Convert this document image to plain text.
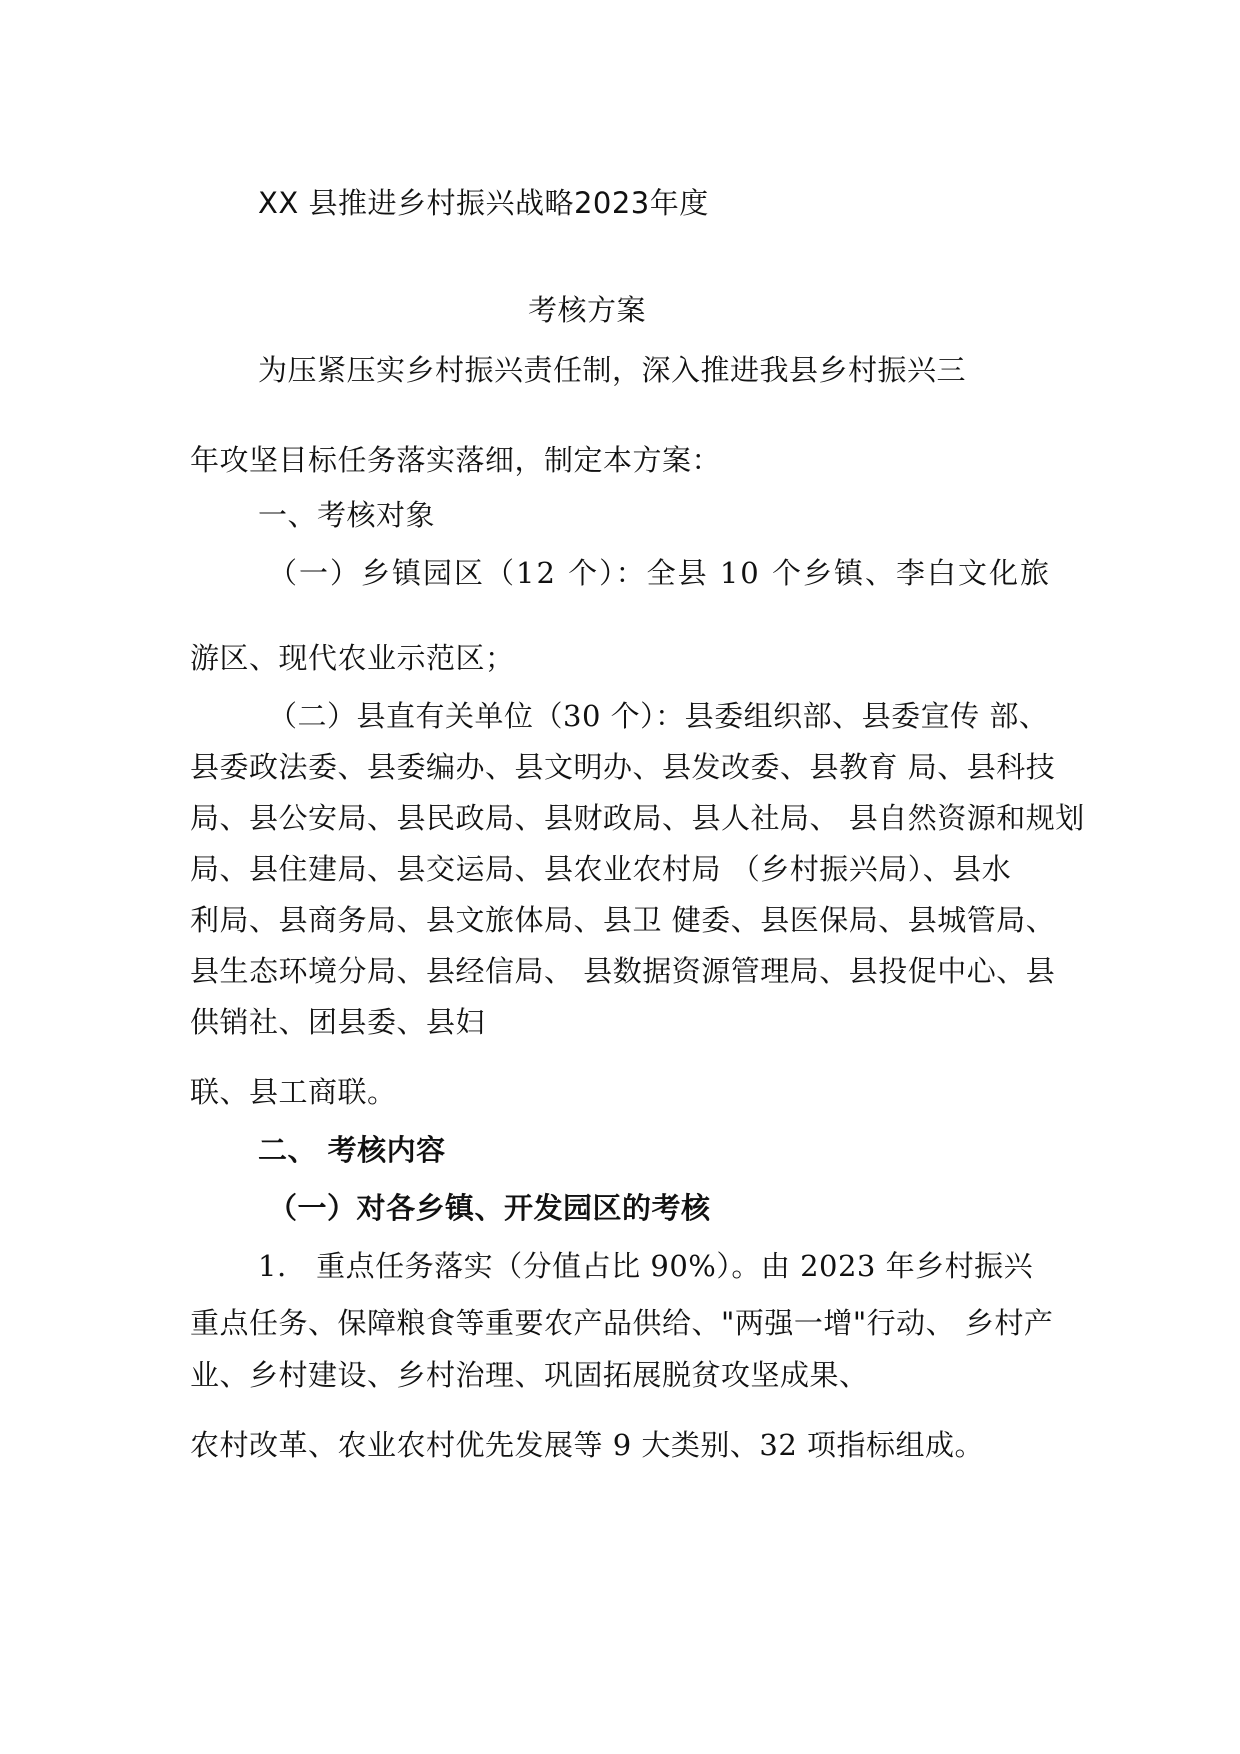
XX 县推进乡村振兴战略2023年度

考核方案

为压紧压实乡村振兴责任制，深入推进我县乡村振兴三

年攻坚目标任务落实落细，制定本方案：

一、考核对象

（一）乡镇园区（12 个）：全县 10 个乡镇、李白文化旅

游区、现代农业示范区；

（二）县直有关单位（30 个）：县委组织部、县委宣传 部、

县委政法委、县委编办、县文明办、县发改委、县教育 局、县科技

局、县公安局、县民政局、县财政局、县人社局、 县自然资源和规划

局、县住建局、县交运局、县农业农村局 （乡村振兴局）、县水

利局、县商务局、县文旅体局、县卫 健委、县医保局、县城管局、

县生态环境分局、县经信局、 县数据资源管理局、县投促中心、县

供销社、团县委、县妇

联、县工商联。

二、 考核内容

（一）对各乡镇、开发园区的考核

1.　重点任务落实（分值占比 90%）。由 2023 年乡村振兴

重点任务、保障粮食等重要农产品供给、"两强一增"行动、 乡村产

业、乡村建设、乡村治理、巩固拓展脱贫攻坚成果、

农村改革、农业农村优先发展等 9 大类别、32 项指标组成。
